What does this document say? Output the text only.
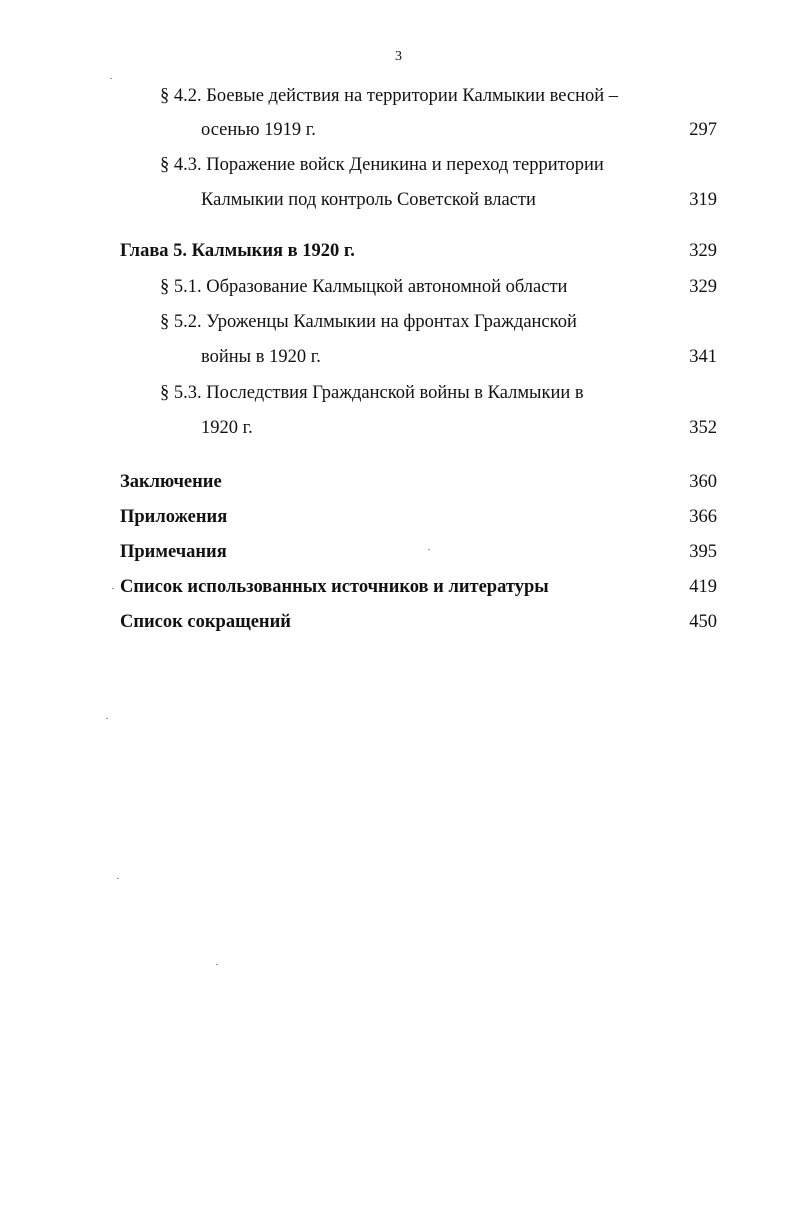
3
§ 4.2. Боевые действия на территории Калмыкии весной –
осенью 1919 г.	297
§ 4.3. Поражение войск Деникина и переход территории
Калмыкии под контроль Советской власти	319
Глава 5. Калмыкия в 1920 г.	329
§ 5.1. Образование Калмыцкой автономной области	329
§ 5.2. Уроженцы Калмыкии на фронтах Гражданской
войны в 1920 г.	341
§ 5.3. Последствия Гражданской войны в Калмыкии в
1920 г.	352
Заключение	360
Приложения	366
Примечания	395
Список использованных источников и литературы	419
Список сокращений	450
